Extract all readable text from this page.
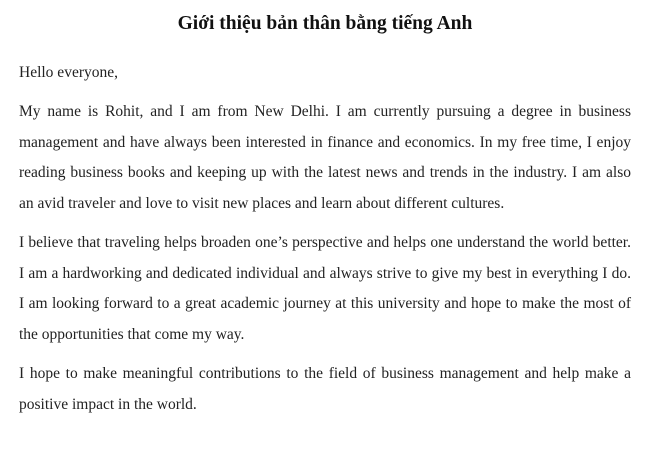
Giới thiệu bản thân bằng tiếng Anh

Hello everyone,

My name is Rohit, and I am from New Delhi. I am currently pursuing a degree in business management and have always been interested in finance and economics. In my free time, I enjoy reading business books and keeping up with the latest news and trends in the industry. I am also an avid traveler and love to visit new places and learn about different cultures.

I believe that traveling helps broaden one’s perspective and helps one understand the world better. I am a hardworking and dedicated individual and always strive to give my best in everything I do. I am looking forward to a great academic journey at this university and hope to make the most of the opportunities that come my way.

I hope to make meaningful contributions to the field of business management and help make a positive impact in the world.
